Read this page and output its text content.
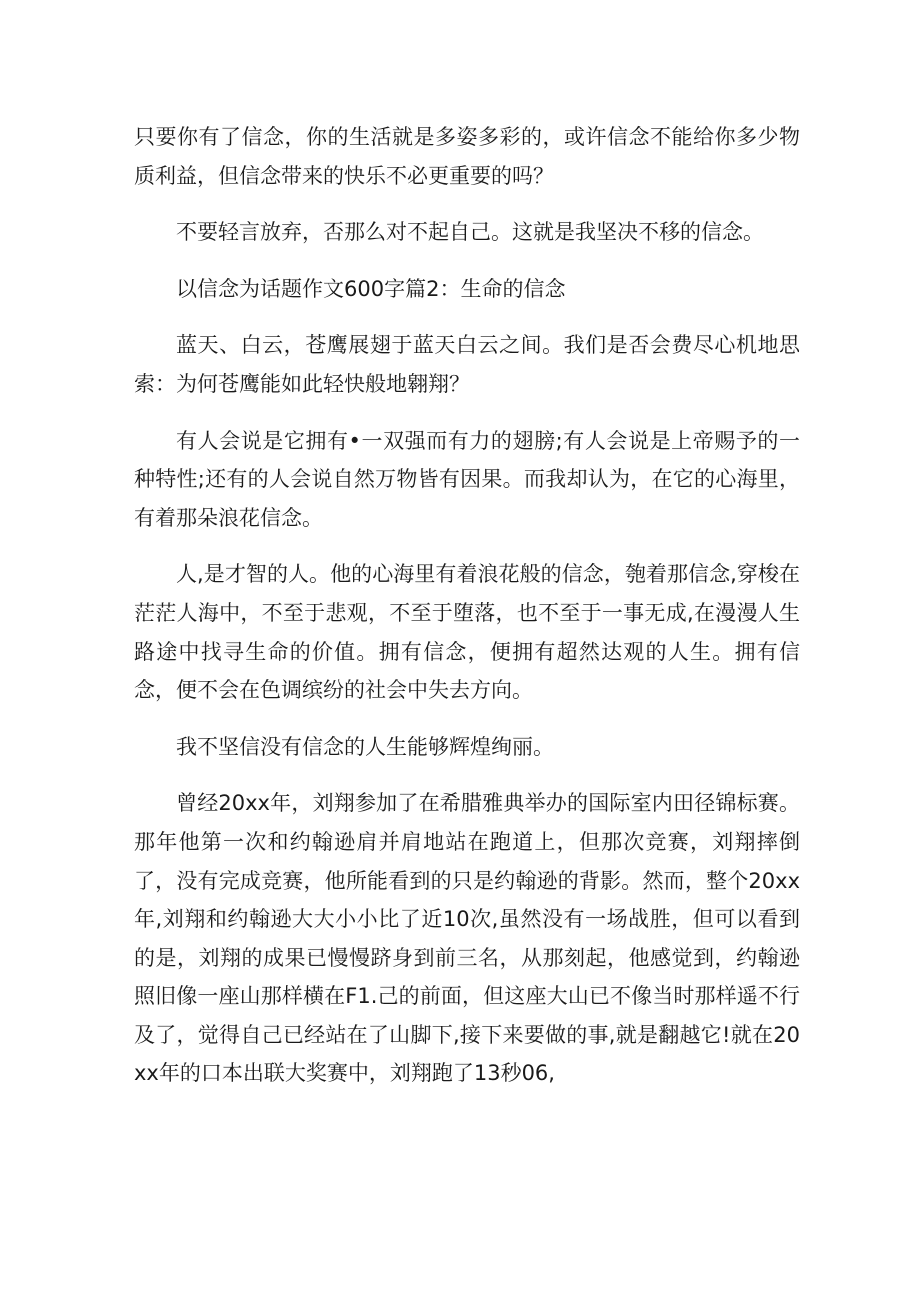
只要你有了信念，你的生活就是多姿多彩的，或许信念不能给你多少物质利益，但信念带来的快乐不必更重要的吗？

不要轻言放弃，否那么对不起自己。这就是我坚决不移的信念。

以信念为话题作文600字篇2：生命的信念

蓝天、白云，苍鹰展翅于蓝天白云之间。我们是否会费尽心机地思索：为何苍鹰能如此轻快般地翱翔？

有人会说是它拥有•一双强而有力的翅膀;有人会说是上帝赐予的一种特性;还有的人会说自然万物皆有因果。而我却认为，在它的心海里，有着那朵浪花信念。

人,是才智的人。他的心海里有着浪花般的信念，匏着那信念,穿梭在茫茫人海中，不至于悲观，不至于堕落，也不至于一事无成,在漫漫人生路途中找寻生命的价值。拥有信念，便拥有超然达观的人生。拥有信念，便不会在色调缤纷的社会中失去方向。

我不坚信没有信念的人生能够辉煌绚丽。

曾经20xx年，刘翔参加了在希腊雅典举办的国际室内田径锦标赛。那年他第一次和约翰逊肩并肩地站在跑道上，但那次竞赛，刘翔摔倒了，没有完成竞赛，他所能看到的只是约翰逊的背影。然而，整个20xx年,刘翔和约翰逊大大小小比了近10次,虽然没有一场战胜，但可以看到的是，刘翔的成果已慢慢跻身到前三名，从那刻起，他感觉到，约翰逊照旧像一座山那样横在F1.己的前面，但这座大山已不像当时那样遥不行及了，觉得自己已经站在了山脚下,接下来要做的事,就是翻越它!就在20xx年的口本出联大奖赛中，刘翔跑了13秒06,
